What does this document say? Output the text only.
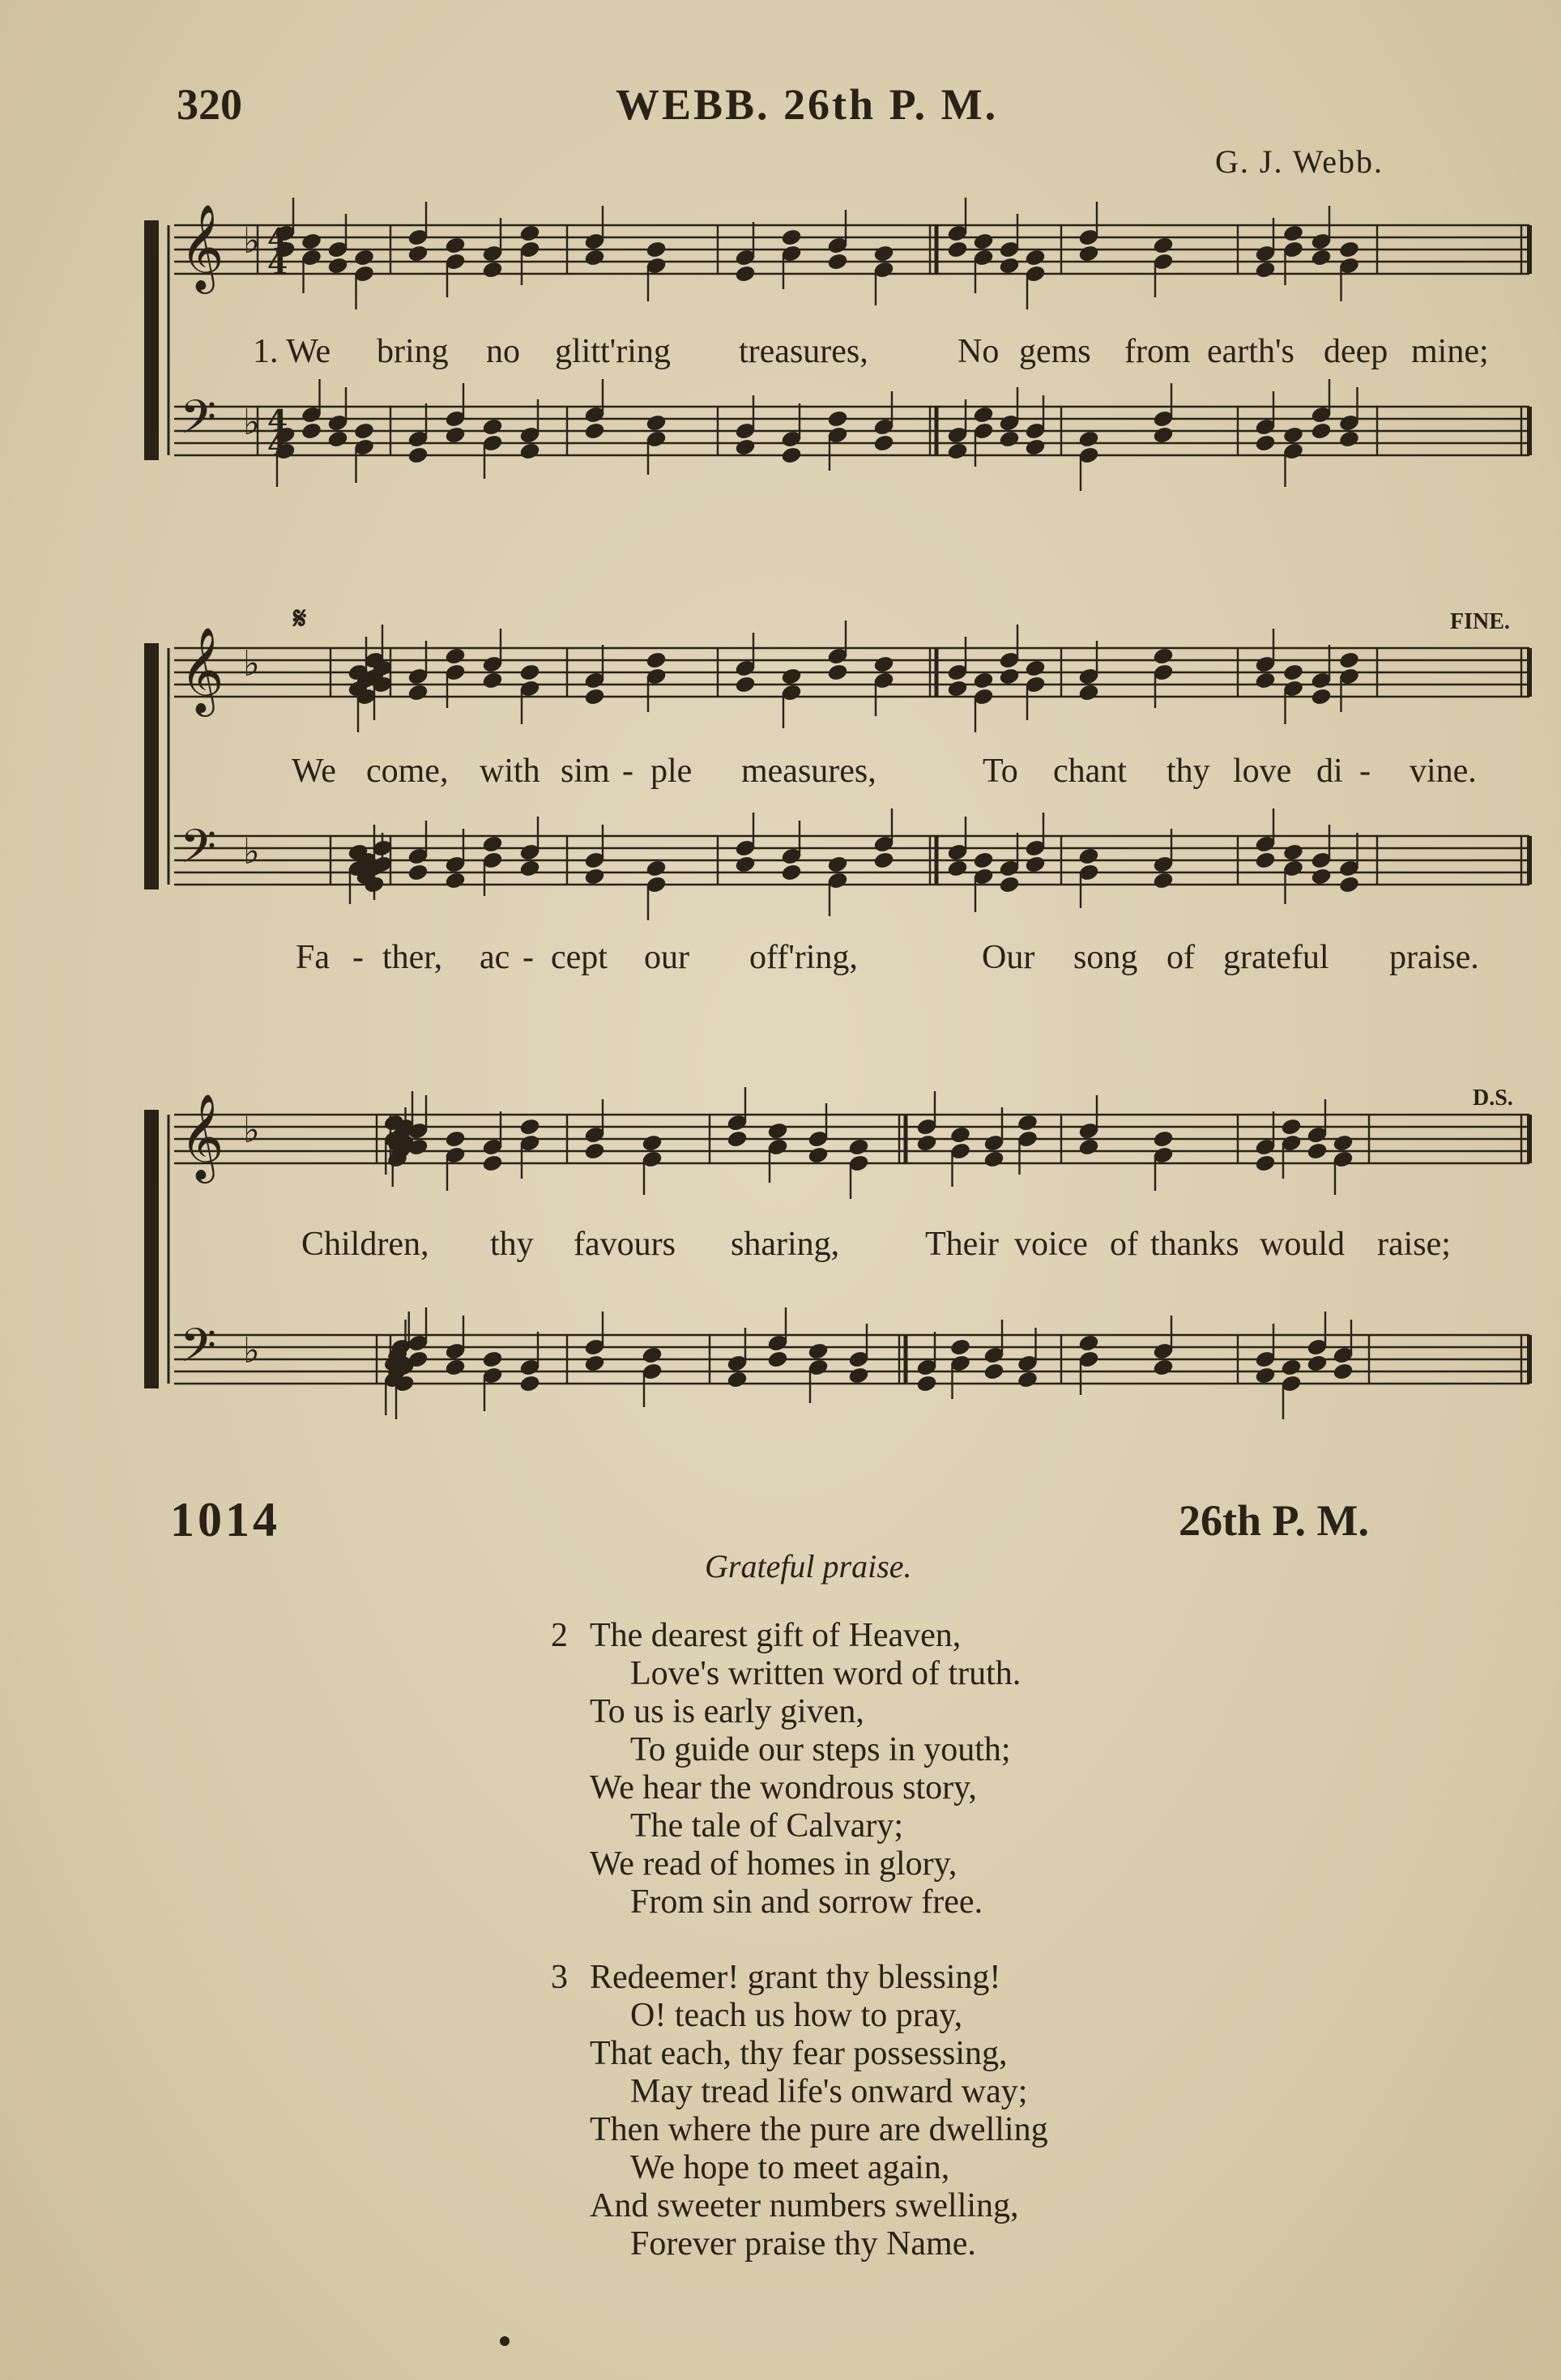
320	WEBB. 26th P. M.
G. J. Webb.
𝄞 ♭ 4
4
𝄢 ♭ 4
4
𝄞 ♭
𝄢 ♭
𝄞 ♭
𝄢 ♭
𝄋	FINE.
D.S.
1. We bring no glitt'ring treasures,	No gems from earth's deep mine;
We come, with sim - ple measures,	To chant thy love di - vine.
Fa - ther, ac - cept our off'ring,	Our song of grateful praise.
Children, thy favours sharing,	Their voice of thanks would raise;
1014	26th P. M.
Grateful praise.
2 The dearest gift of Heaven,
Love's written word of truth.
To us is early given,
To guide our steps in youth;
We hear the wondrous story,
The tale of Calvary;
We read of homes in glory,
From sin and sorrow free.
3 Redeemer! grant thy blessing!
O! teach us how to pray,
That each, thy fear possessing,
May tread life's onward way;
Then where the pure are dwelling
We hope to meet again,
And sweeter numbers swelling,
Forever praise thy Name.
